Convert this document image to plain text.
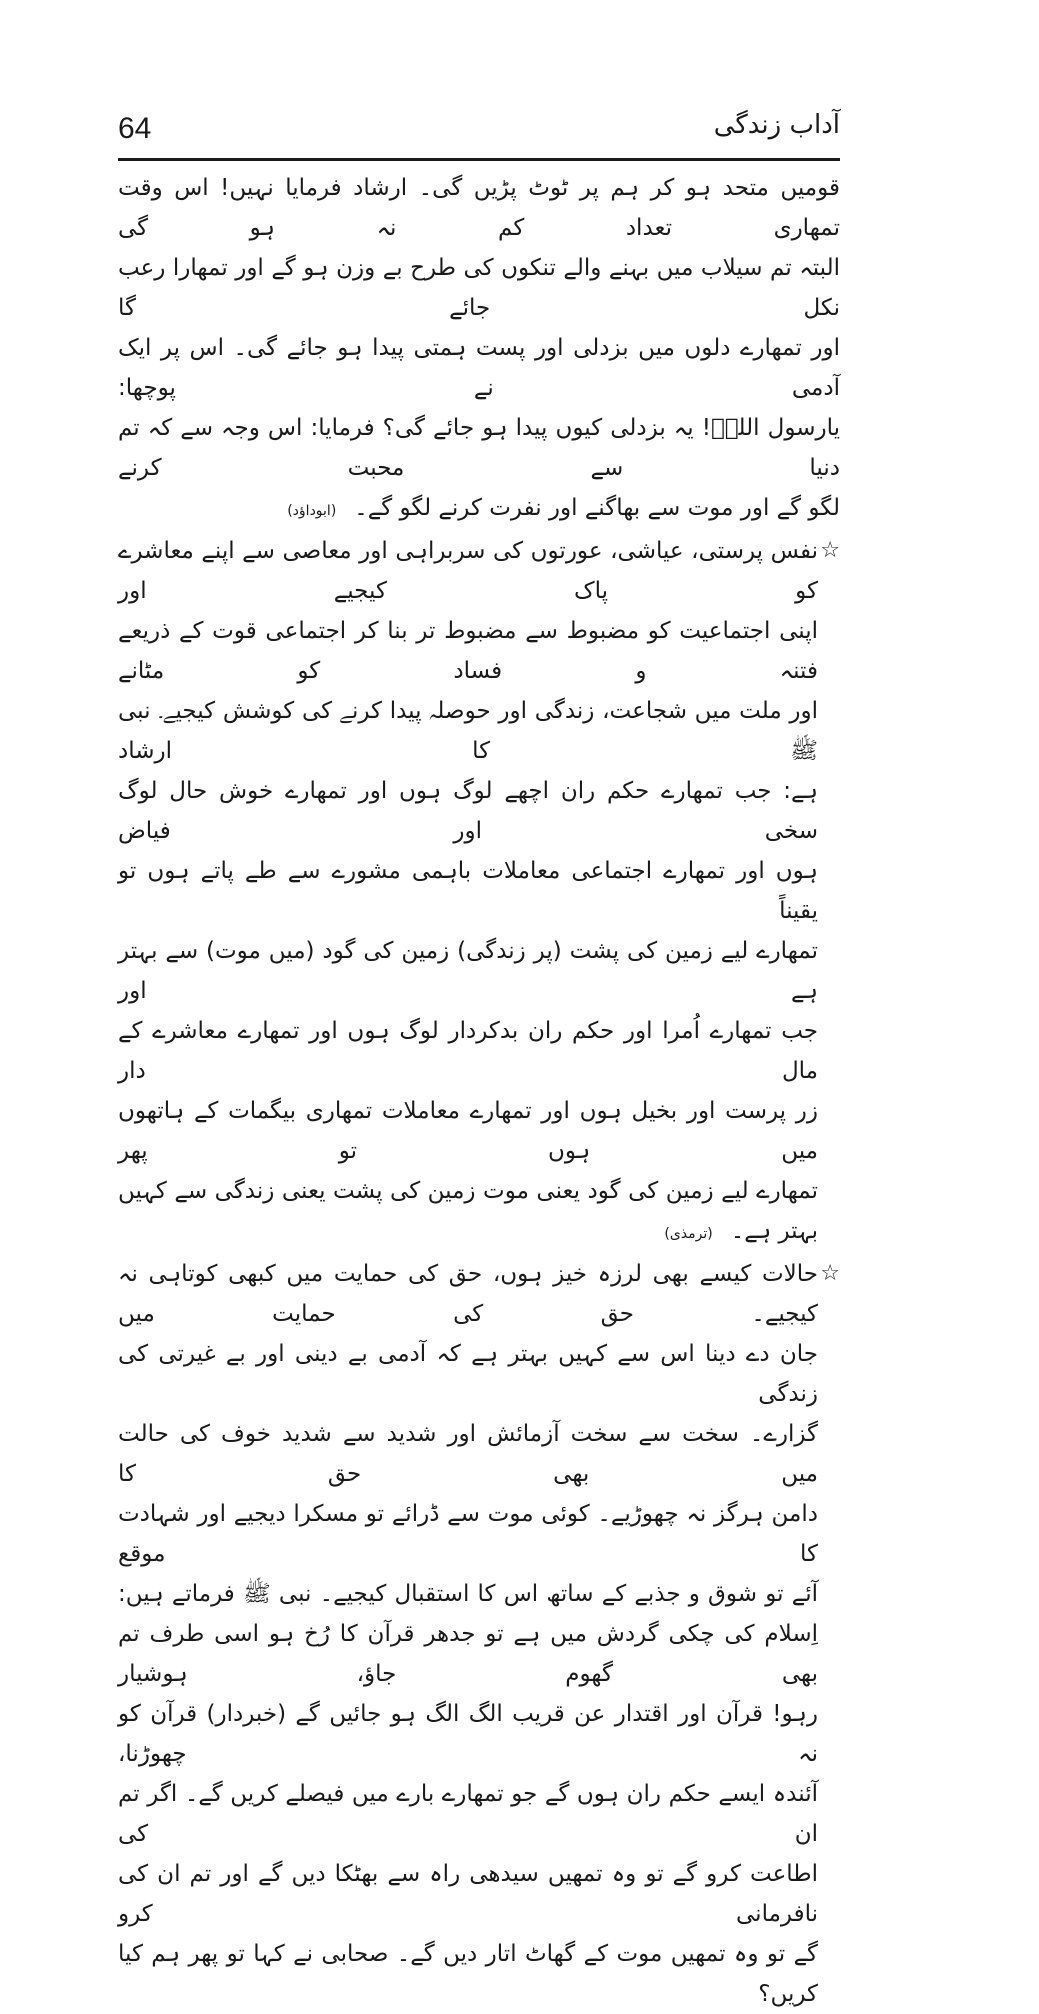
64	آداب زندگی
قومیں متحد ہو کر ہم پر ٹوٹ پڑیں گی۔ ارشاد فرمایا نہیں! اس وقت تمھاری تعداد کم نہ ہو گی
البتہ تم سیلاب میں بہنے والے تنکوں کی طرح بے وزن ہو گے اور تمھارا رعب نکل جائے گا
اور تمھارے دلوں میں بزدلی اور پست ہمتی پیدا ہو جائے گی۔ اس پر ایک آدمی نے پوچھا:
یارسول اللہؐ! یہ بزدلی کیوں پیدا ہو جائے گی؟ فرمایا: اس وجہ سے کہ تم دنیا سے محبت کرنے
لگو گے اور موت سے بھاگنے اور نفرت کرنے لگو گے۔(ابوداؤد)
☆
نفس پرستی، عیاشی، عورتوں کی سربراہی اور معاصی سے اپنے معاشرے کو پاک کیجیے اور
اپنی اجتماعیت کو مضبوط سے مضبوط تر بنا کر اجتماعی قوت کے ذریعے فتنہ و فساد کو مٹانے
اور ملت میں شجاعت، زندگی اور حوصلہ پیدا کرنے کی کوشش کیجیے۔ نبی ﷺ کا ارشاد
ہے: جب تمھارے حکم ران اچھے لوگ ہوں اور تمھارے خوش حال لوگ سخی اور فیاض
ہوں اور تمھارے اجتماعی معاملات باہمی مشورے سے طے پاتے ہوں تو یقیناً
تمھارے لیے زمین کی پشت (پر زندگی) زمین کی گود (میں موت) سے بہتر ہے اور
جب تمھارے اُمرا اور حکم ران بدکردار لوگ ہوں اور تمھارے معاشرے کے مال دار
زر پرست اور بخیل ہوں اور تمھارے معاملات تمھاری بیگمات کے ہاتھوں میں ہوں تو پھر
تمھارے لیے زمین کی گود یعنی موت زمین کی پشت یعنی زندگی سے کہیں بہتر ہے۔(ترمذی)
☆
حالات کیسے بھی لرزہ خیز ہوں، حق کی حمایت میں کبھی کوتاہی نہ کیجیے۔ حق کی حمایت میں
جان دے دینا اس سے کہیں بہتر ہے کہ آدمی بے دینی اور بے غیرتی کی زندگی
گزارے۔ سخت سے سخت آزمائش اور شدید سے شدید خوف کی حالت میں بھی حق کا
دامن ہرگز نہ چھوڑیے۔ کوئی موت سے ڈرائے تو مسکرا دیجیے اور شہادت کا موقع
آئے تو شوق و جذبے کے ساتھ اس کا استقبال کیجیے۔ نبی ﷺ فرماتے ہیں:
اِسلام کی چکی گردش میں ہے تو جدھر قرآن کا رُخ ہو اسی طرف تم بھی گھوم جاؤ، ہوشیار
رہو! قرآن اور اقتدار عن قریب الگ الگ ہو جائیں گے (خبردار) قرآن کو نہ چھوڑنا،
آئندہ ایسے حکم ران ہوں گے جو تمھارے بارے میں فیصلے کریں گے۔ اگر تم ان کی
اطاعت کرو گے تو وہ تمھیں سیدھی راہ سے بھٹکا دیں گے اور تم ان کی نافرمانی کرو
گے تو وہ تمھیں موت کے گھاٹ اتار دیں گے۔ صحابی نے کہا تو پھر ہم کیا کریں؟
